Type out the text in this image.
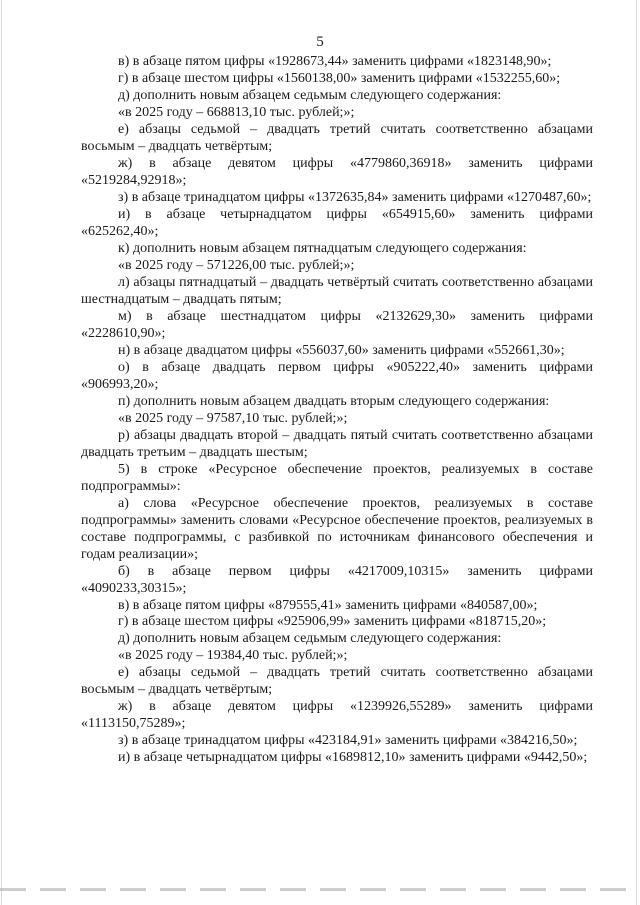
5
в) в абзаце пятом цифры «1928673,44» заменить цифрами «1823148,90»;
г) в абзаце шестом цифры «1560138,00» заменить цифрами «1532255,60»;
д) дополнить новым абзацем седьмым следующего содержания:
«в 2025 году – 668813,10 тыс. рублей;»;
е) абзацы седьмой – двадцать третий считать соответственно абзацами восьмым – двадцать четвёртым;
ж) в абзаце девятом цифры «4779860,36918» заменить цифрами «5219284,92918»;
з) в абзаце тринадцатом цифры «1372635,84» заменить цифрами «1270487,60»;
и) в абзаце четырнадцатом цифры «654915,60» заменить цифрами «625262,40»;
к) дополнить новым абзацем пятнадцатым следующего содержания:
«в 2025 году – 571226,00 тыс. рублей;»;
л) абзацы пятнадцатый – двадцать четвёртый считать соответственно абзацами шестнадцатым – двадцать пятым;
м) в абзаце шестнадцатом цифры «2132629,30» заменить цифрами «2228610,90»;
н) в абзаце двадцатом цифры «556037,60» заменить цифрами «552661,30»;
о) в абзаце двадцать первом цифры «905222,40» заменить цифрами «906993,20»;
п) дополнить новым абзацем двадцать вторым следующего содержания:
«в 2025 году – 97587,10 тыс. рублей;»;
р) абзацы двадцать второй – двадцать пятый считать соответственно абзацами двадцать третьим – двадцать шестым;
5) в строке «Ресурсное обеспечение проектов, реализуемых в составе подпрограммы»:
а) слова «Ресурсное обеспечение проектов, реализуемых в составе подпрограммы» заменить словами «Ресурсное обеспечение проектов, реализуемых в составе подпрограммы, с разбивкой по источникам финансового обеспечения и годам реализации»;
б) в абзаце первом цифры «4217009,10315» заменить цифрами «4090233,30315»;
в) в абзаце пятом цифры «879555,41» заменить цифрами «840587,00»;
г) в абзаце шестом цифры «925906,99» заменить цифрами «818715,20»;
д) дополнить новым абзацем седьмым следующего содержания:
«в 2025 году – 19384,40 тыс. рублей;»;
е) абзацы седьмой – двадцать третий считать соответственно абзацами восьмым – двадцать четвёртым;
ж) в абзаце девятом цифры «1239926,55289» заменить цифрами «1113150,75289»;
з) в абзаце тринадцатом цифры «423184,91» заменить цифрами «384216,50»;
и) в абзаце четырнадцатом цифры «1689812,10» заменить цифрами «9442,50»;
